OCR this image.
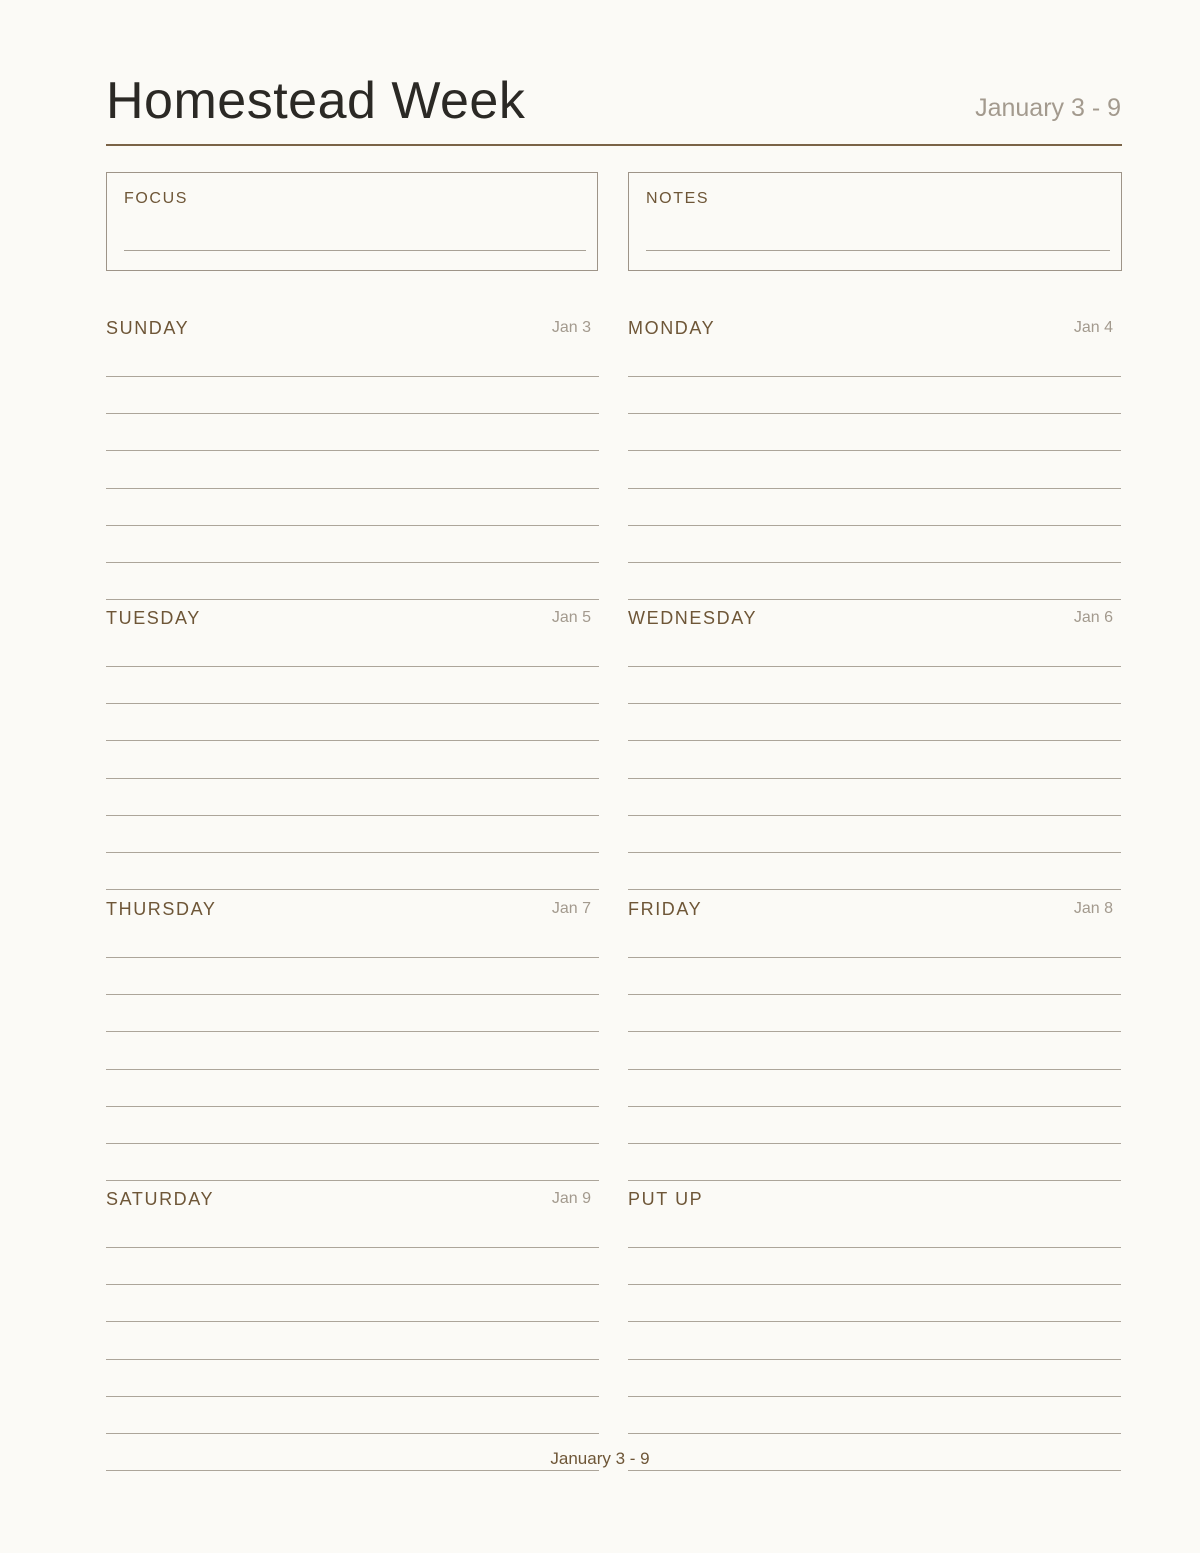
Homestead Week	January 3 - 9
FOCUS	NOTES
SUNDAY	Jan 3 MONDAY	Jan 4
TUESDAY	Jan 5 WEDNESDAY	Jan 6
THURSDAY	Jan 7 FRIDAY	Jan 8
SATURDAY	Jan 9 PUT UP
January 3 - 9
